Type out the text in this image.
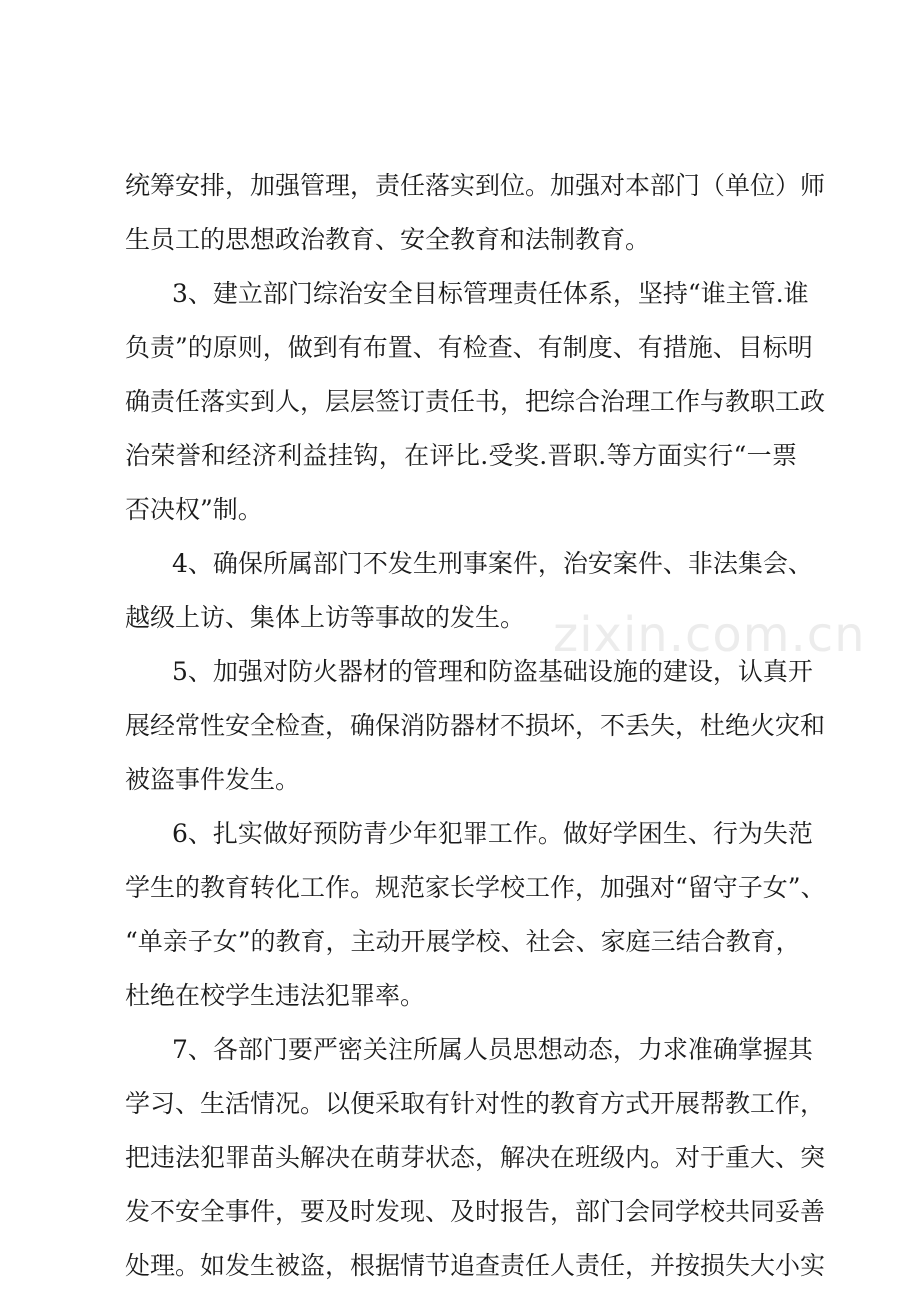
统筹安排，加强管理，责任落实到位。加强对本部门（单位）师
生员工的思想政治教育、安全教育和法制教育。
3、建立部门综治安全目标管理责任体系，坚持“谁主管.谁
负责”的原则，做到有布置、有检查、有制度、有措施、目标明
确责任落实到人，层层签订责任书，把综合治理工作与教职工政
治荣誉和经济利益挂钩，在评比.受奖.晋职.等方面实行“一票
否决权”制。
4、确保所属部门不发生刑事案件，治安案件、非法集会、
越级上访、集体上访等事故的发生。
5、加强对防火器材的管理和防盗基础设施的建设，认真开
展经常性安全检查，确保消防器材不损坏，不丢失，杜绝火灾和
被盗事件发生。
6、扎实做好预防青少年犯罪工作。做好学困生、行为失范
学生的教育转化工作。规范家长学校工作，加强对“留守子女”、
“单亲子女”的教育，主动开展学校、社会、家庭三结合教育，
杜绝在校学生违法犯罪率。
7、各部门要严密关注所属人员思想动态，力求准确掌握其
学习、生活情况。以便采取有针对性的教育方式开展帮教工作，
把违法犯罪苗头解决在萌芽状态，解决在班级内。对于重大、突
发不安全事件，要及时发现、及时报告，部门会同学校共同妥善
处理。如发生被盗，根据情节追查责任人责任，并按损失大小实
zixin.com.cn
